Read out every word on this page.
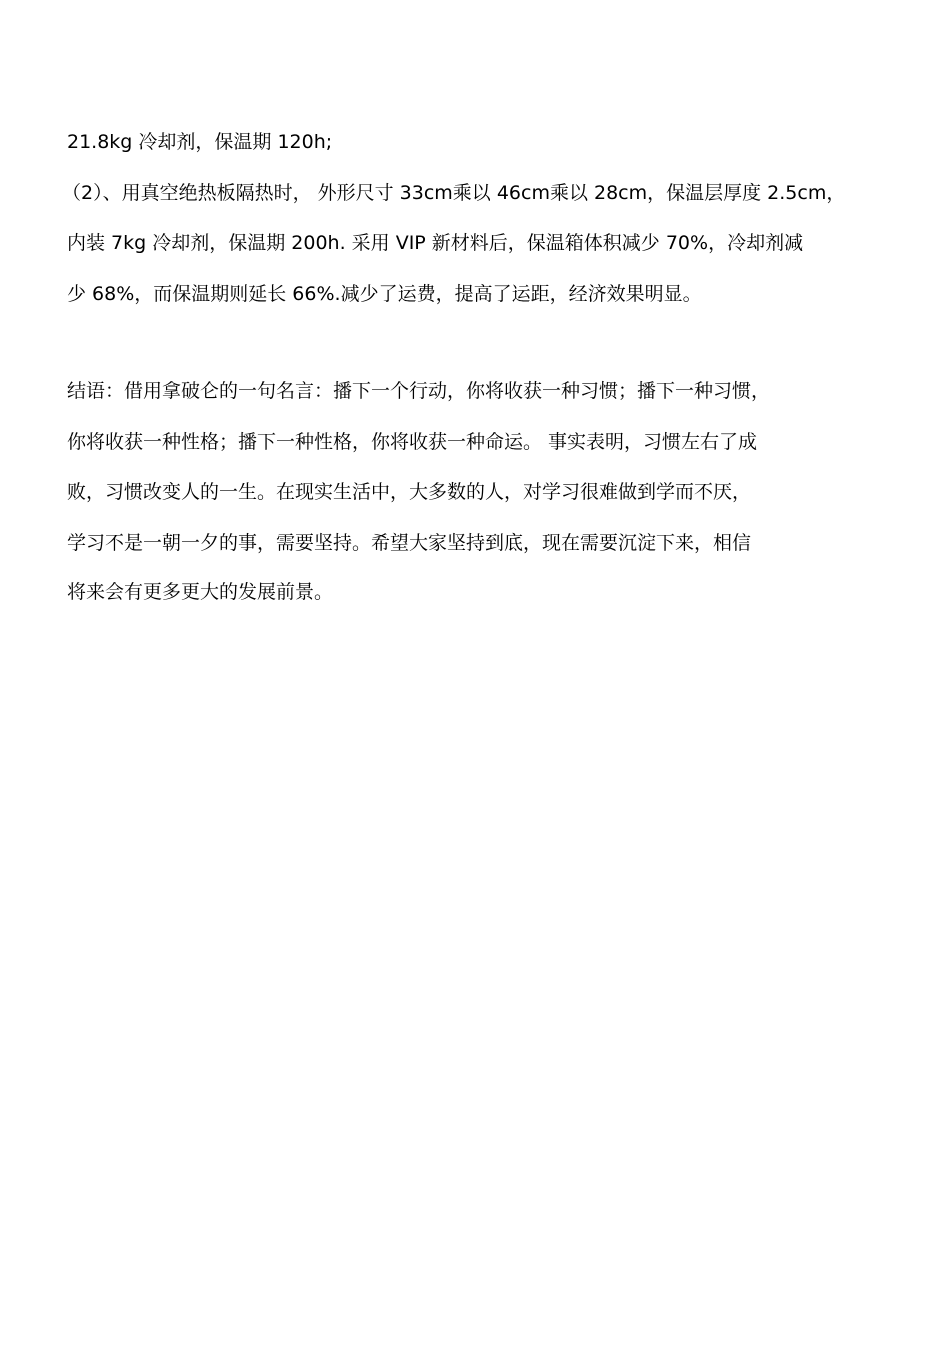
21.8kg 冷却剂，保温期 120h;
（2）、用真空绝热板隔热时， 外形尺寸 33cm乘以 46cm乘以 28cm，保温层厚度 2.5cm，
内装 7kg 冷却剂，保温期 200h. 采用 VIP 新材料后，保温箱体积减少 70%，冷却剂减
少 68%，而保温期则延长 66%.减少了运费，提高了运距，经济效果明显。
结语：借用拿破仑的一句名言：播下一个行动，你将收获一种习惯；播下一种习惯，
你将收获一种性格；播下一种性格，你将收获一种命运。 事实表明，习惯左右了成
败，习惯改变人的一生。在现实生活中，大多数的人，对学习很难做到学而不厌，
学习不是一朝一夕的事，需要坚持。希望大家坚持到底，现在需要沉淀下来，相信
将来会有更多更大的发展前景。
